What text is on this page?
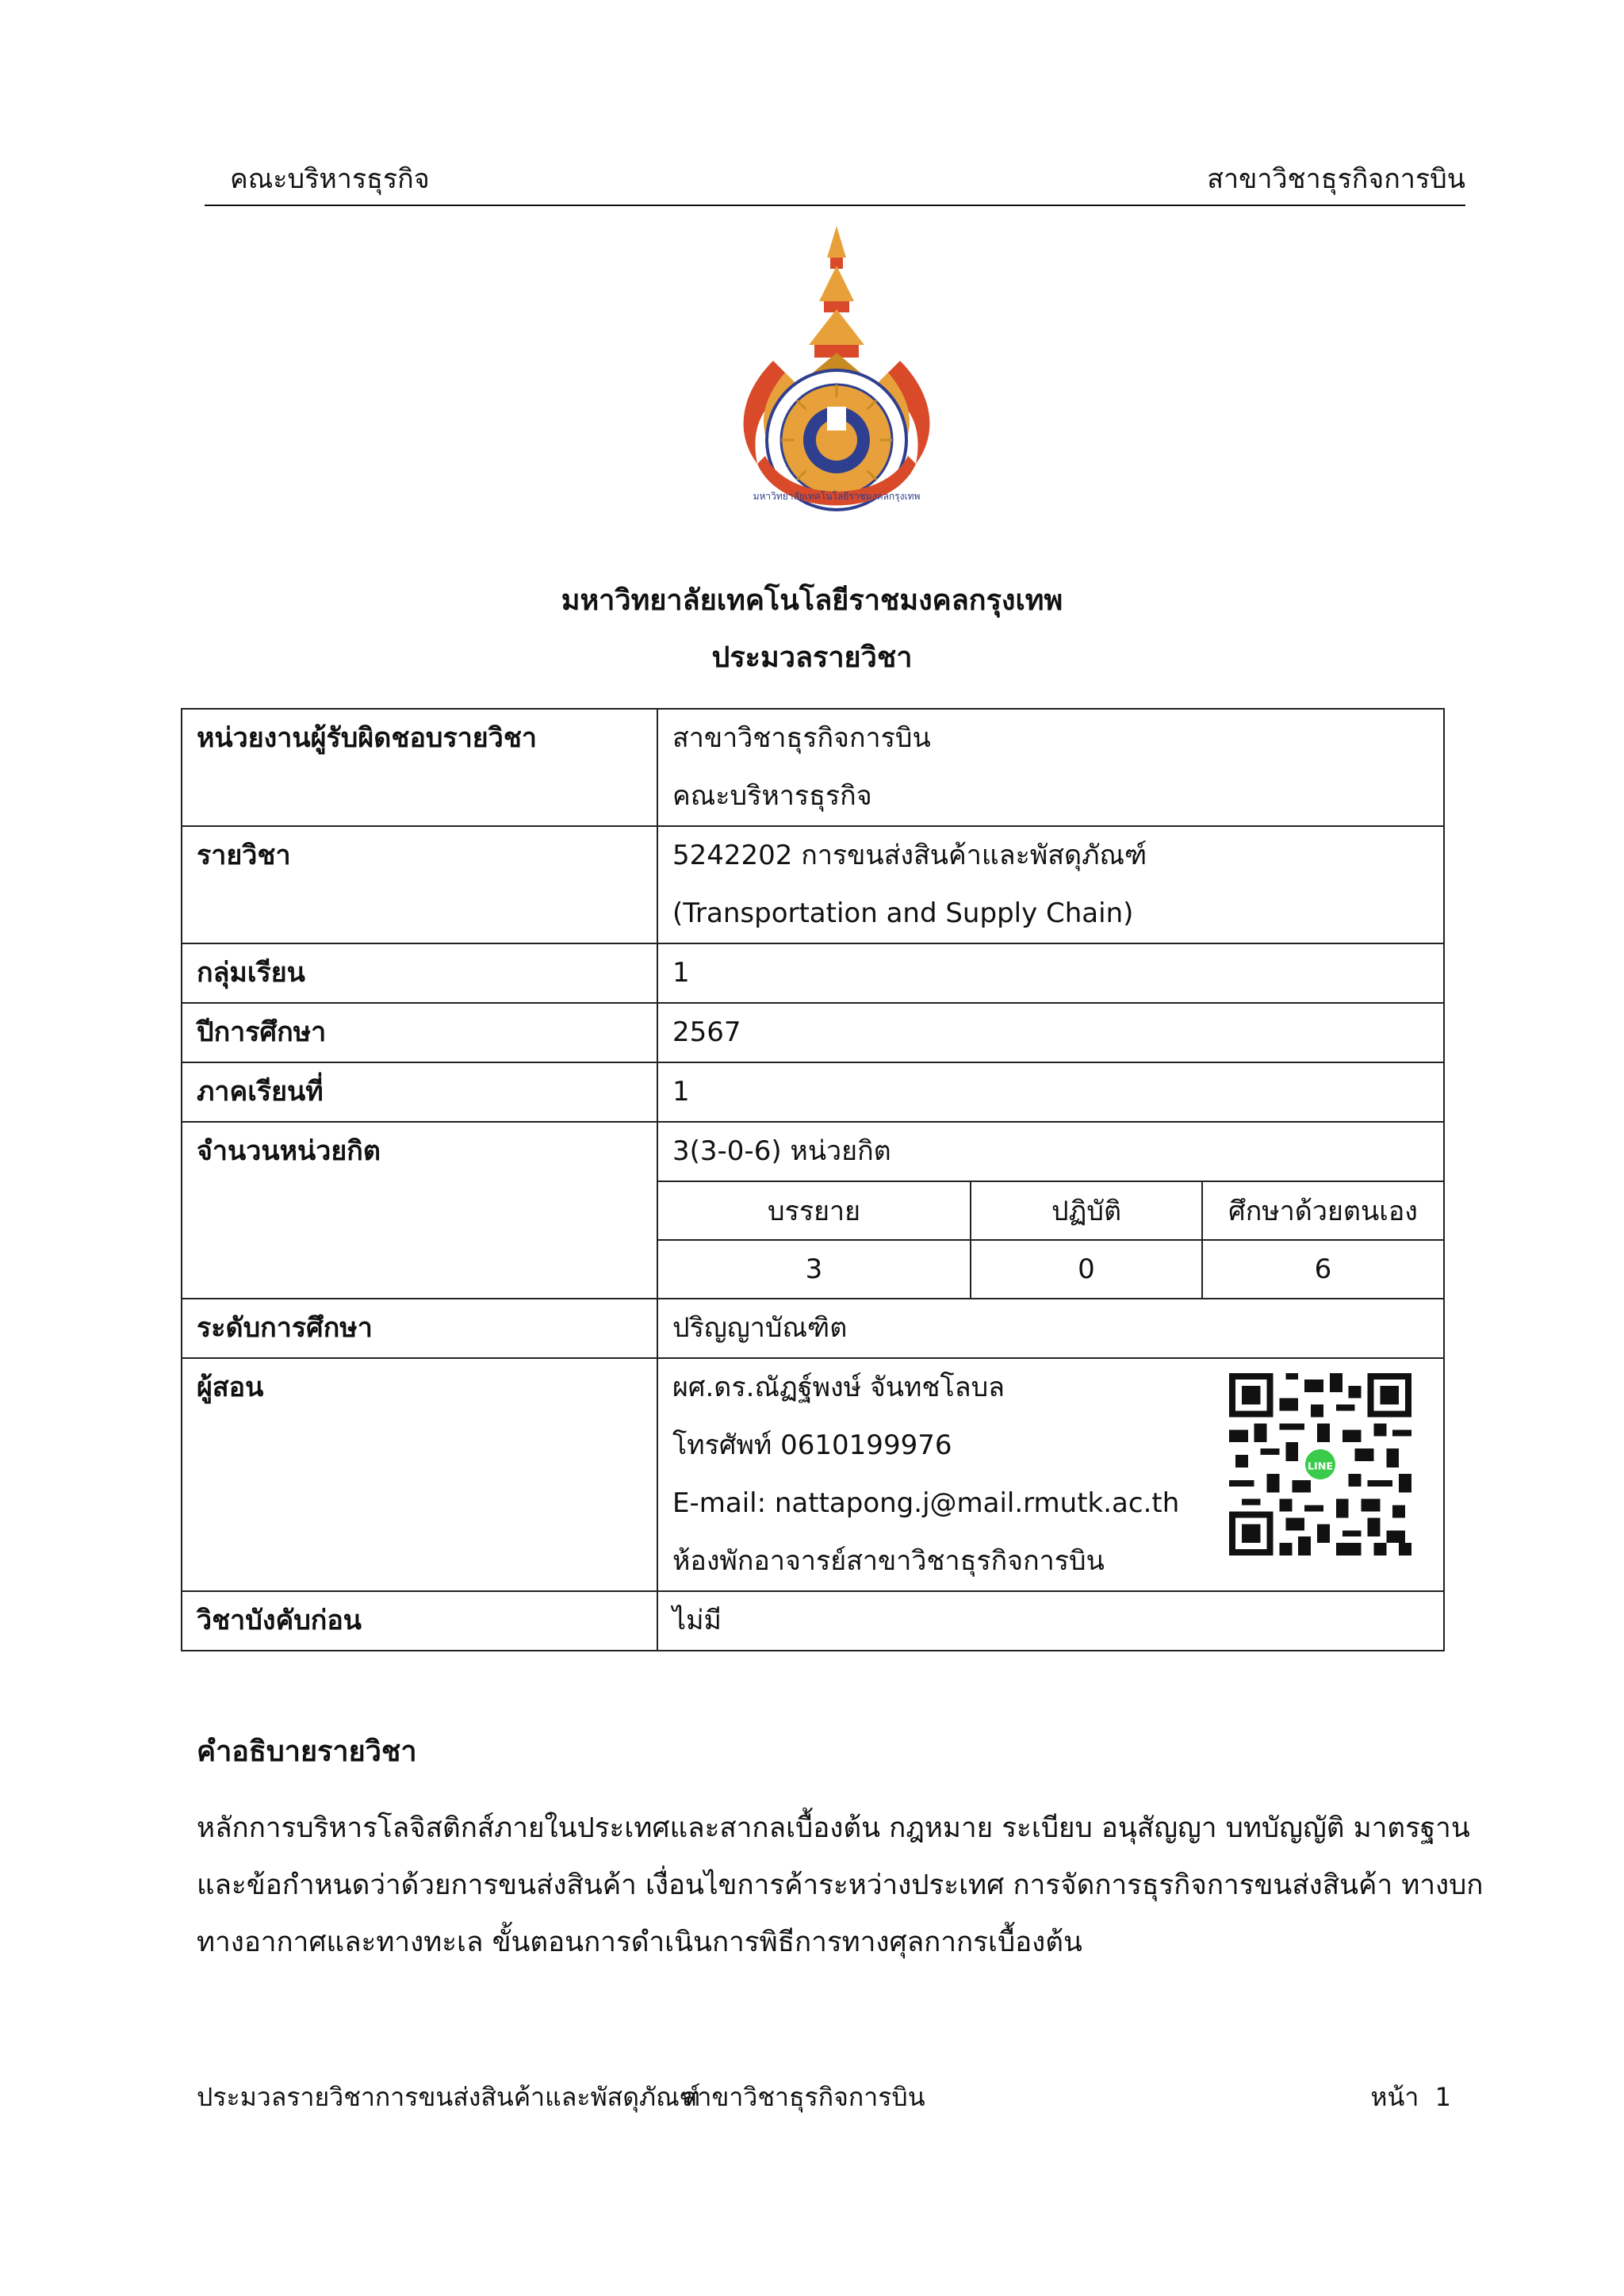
คณะบริหารธุรกิจ	สาขาวิชาธุรกิจการบิน
มหาวิทยาลัยเทคโนโลยีราชมงคลกรุงเทพ
มหาวิทยาลัยเทคโนโลยีราชมงคลกรุงเทพ
ประมวลรายวิชา
หน่วยงานผู้รับผิดชอบรายวิชา	สาขาวิชาธุรกิจการบิน
คณะบริหารธุรกิจ

รายวิชา	5242202 การขนส่งสินค้าและพัสดุภัณฑ์
(Transportation and Supply Chain)

กลุ่มเรียน	1

ปีการศึกษา	2567

ภาคเรียนที่	1

จำนวนหน่วยกิต	3(3-0-6) หน่วยกิต
บรรยาย	ปฏิบัติ	ศึกษาด้วยตนเอง
3	0	6

ระดับการศึกษา	ปริญญาบัณฑิต

ผู้สอน	ผศ.ดร.ณัฏฐ์พงษ์ จันทชโลบล
โทรศัพท์ 0610199976
E-mail: nattapong.j@mail.rmutk.ac.th
ห้องพักอาจารย์สาขาวิชาธุรกิจการบิน
LINE

วิชาบังคับก่อน	ไม่มี
คำอธิบายรายวิชา
หลักการบริหารโลจิสติกส์ภายในประเทศและสากลเบื้องต้น กฎหมาย ระเบียบ อนุสัญญา บทบัญญัติ มาตรฐาน
และข้อกำหนดว่าด้วยการขนส่งสินค้า เงื่อนไขการค้าระหว่างประเทศ การจัดการธุรกิจการขนส่งสินค้า ทางบก
ทางอากาศและทางทะเล ขั้นตอนการดำเนินการพิธีการทางศุลกากรเบื้องต้น
ประมวลรายวิชาการขนส่งสินค้าและพัสดุภัณฑ์
สาขาวิชาธุรกิจการบิน	หน้า  1
